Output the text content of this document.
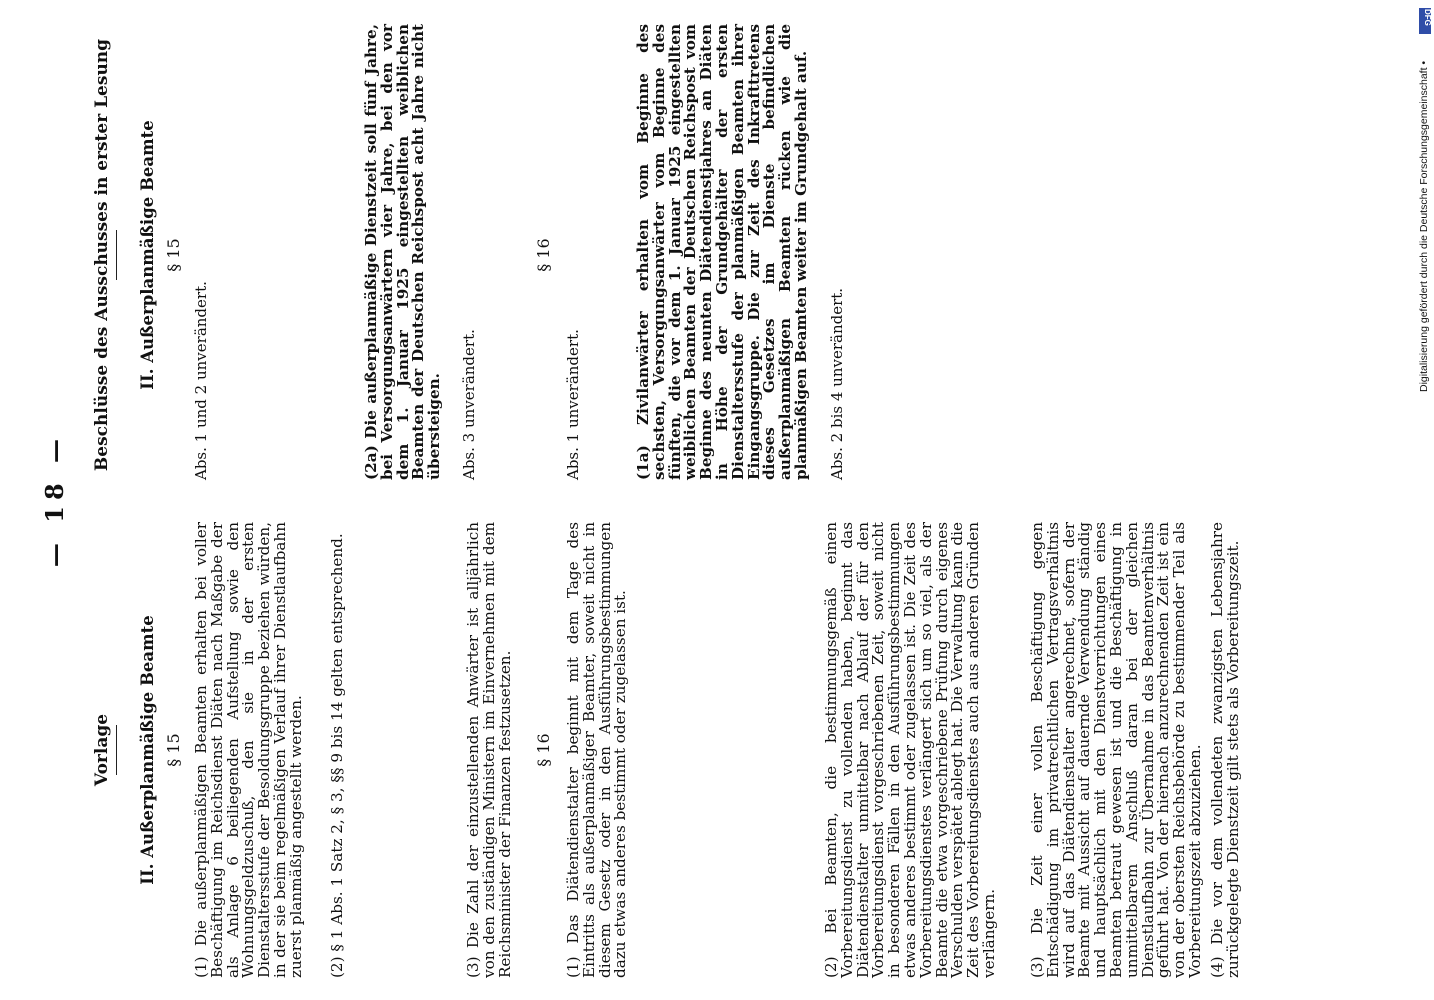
— 18 —
Vorlage	II. Außerplanmäßige Beamte § 15 (1) Die außerplanmäßigen Beamten erhalten bei voller Beschäftigung im Reichsdienst Diäten nach Maßgabe der als Anlage 6 beiliegenden Aufstellung sowie den Wohnungsgeldzuschuß, den sie in der ersten Dienstaltersstufe der Besoldungsgruppe beziehen würden, in der sie beim regelmäßigen Verlauf ihrer Dienstlaufbahn zuerst planmäßig angestellt werden. (2) § 1 Abs. 1 Satz 2, § 3, §§ 9 bis 14 gelten entsprechend.	(3) Die Zahl der einzustellenden Anwärter ist alljährlich von den zuständigen Ministern im Einvernehmen mit dem Reichsminister der Finanzen festzusetzen. § 16 (1) Das Diätendienstalter beginnt mit dem Tage des Eintritts als außerplanmäßiger Beamter, soweit nicht in diesem Gesetz oder in den Ausführungsbestimmungen dazu etwas anderes bestimmt oder zugelassen ist.	(2) Bei Beamten, die bestimmungsgemäß einen Vorbereitungsdienst zu vollenden haben, beginnt das Diätendienstalter unmittelbar nach Ablauf der für den Vorbereitungsdienst vorgeschriebenen Zeit, soweit nicht in besonderen Fällen in den Ausführungsbestimmungen etwas anderes bestimmt oder zugelassen ist. Die Zeit des Vorbereitungsdienstes verlängert sich um so viel, als der Beamte die etwa vorgeschriebene Prüfung durch eigenes Verschulden verspätet ablegt hat. Die Verwaltung kann die Zeit des Vorbereitungsdienstes auch aus anderen Gründen verlängern. (3) Die Zeit einer vollen Beschäftigung gegen Entschädigung im privatrechtlichen Vertragsverhältnis wird auf das Diätendienstalter angerechnet, sofern der Beamte mit Aussicht auf dauernde Verwendung ständig und hauptsächlich mit den Dienstverrichtungen eines Beamten betraut gewesen ist und die Beschäftigung in unmittelbarem Anschluß daran bei der gleichen Dienstlaufbahn zur Übernahme in das Beamtenverhältnis geführt hat. Von der hiernach anzurechnenden Zeit ist ein von der obersten Reichsbehörde zu bestimmender Teil als Vorbereitungszeit abzuziehen. (4) Die vor dem vollendeten zwanzigsten Lebensjahre zurückgelegte Dienstzeit gilt stets als Vorbereitungszeit.
Beschlüsse des Ausschusses in erster Lesung	II. Außerplanmäßige Beamte § 15
Abs. 1 und 2 unverändert.	(2a) Die außerplanmäßige Dienstzeit soll fünf Jahre, bei Versorgungsanwärtern vier Jahre, bei den vor dem 1. Januar 1925 eingestellten weiblichen Beamten der Deutschen Reichspost acht Jahre nicht übersteigen. Abs. 3 unverändert.
§ 16
Abs. 1 unverändert.	(1a) Zivilanwärter erhalten vom Beginne des sechsten, Versorgungsanwärter vom Beginne des fünften, die vor dem 1. Januar 1925 eingestellten weiblichen Beamten der Deutschen Reichspost vom Beginne des neunten Diätendienstjahres an Diäten in Höhe der Grundgehälter der ersten Dienstaltersstufe der planmäßigen Beamten ihrer Eingangsgruppe. Die zur Zeit des Inkrafttretens dieses Gesetzes im Dienste befindlichen außerplanmäßigen Beamten rücken wie die planmäßigen Beamten weiter im Grundgehalt auf. Abs. 2 bis 4 unverändert.
DFG
Digitalisierung gefördert durch die Deutsche Forschungsgemeinschaft •
